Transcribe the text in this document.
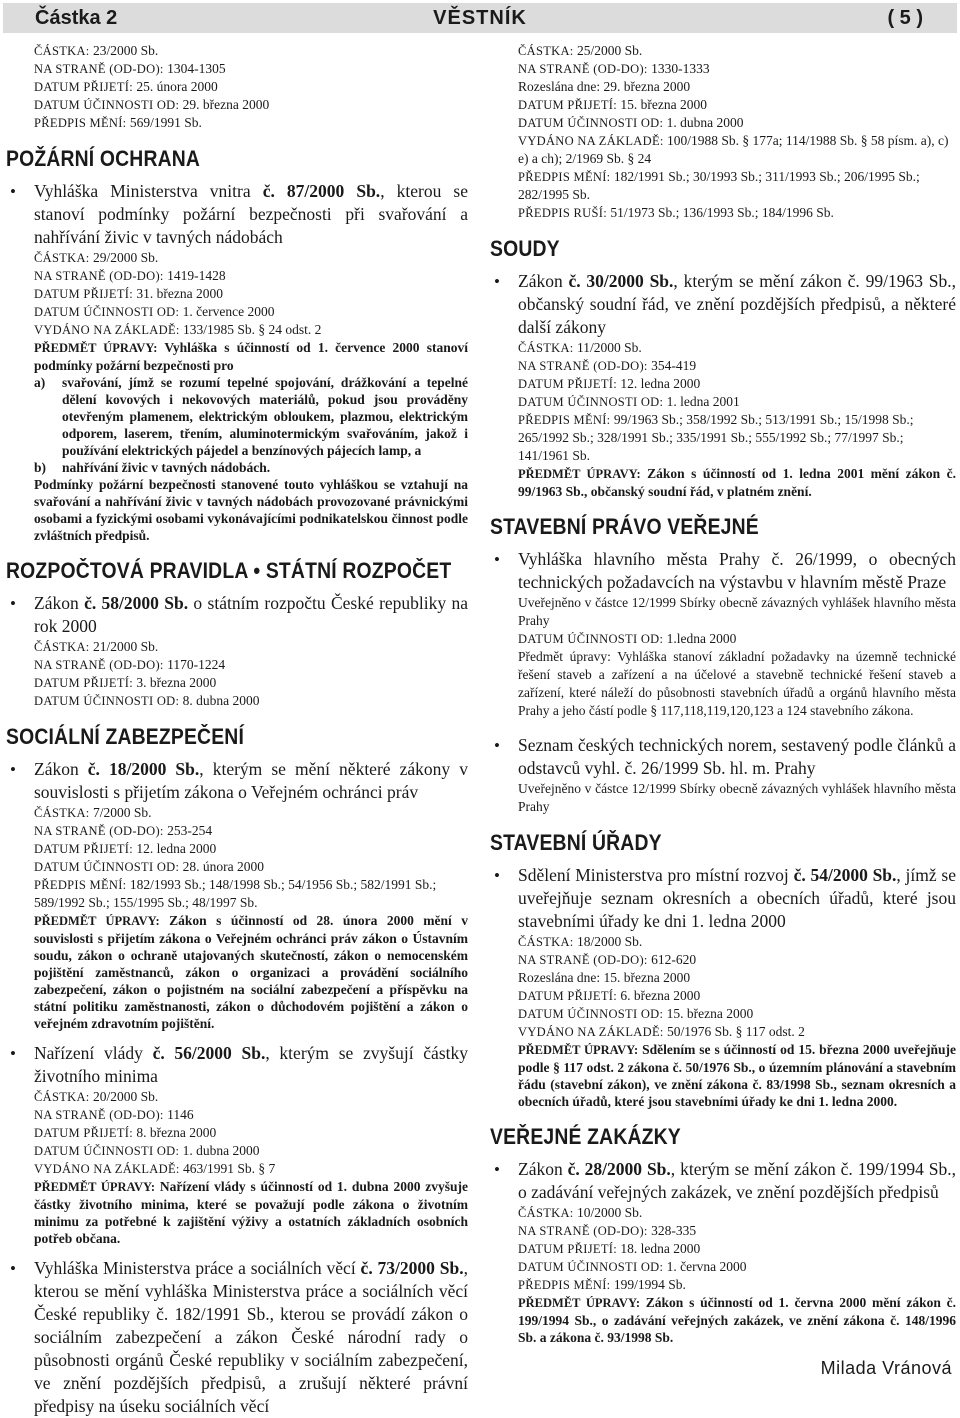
Částka 2	VĚSTNÍK	( 5 )
ČÁSTKA: 23/2000 Sb.
NA STRANĚ (OD-DO): 1304-1305
DATUM PŘIJETÍ: 25. února 2000
DATUM ÚČINNOSTI OD: 29. března 2000
PŘEDPIS MĚNÍ: 569/1991 Sb.
POŽÁRNÍ OCHRANA
• Vyhláška Ministerstva vnitra č. 87/2000 Sb., kterou se stanoví podmínky požární bezpečnosti při svařování a nahřívání živic v tavných nádobách
ČÁSTKA: 29/2000 Sb.
NA STRANĚ (OD-DO): 1419-1428
DATUM PŘIJETÍ: 31. března 2000
DATUM ÚČINNOSTI OD: 1. července 2000
VYDÁNO NA ZÁKLADĚ: 133/1985 Sb. § 24 odst. 2
PŘEDMĚT ÚPRAVY: Vyhláška s účinností od 1. července 2000 stanoví podmínky požární bezpečnosti pro
a)	svařování, jímž se rozumí tepelné spojování, drážkování a tepelné dělení kovových i nekovových materiálů, pokud jsou prováděny otevřeným plamenem, elektrickým obloukem, plazmou, elektrickým odporem, laserem, třením, aluminotermickým svařováním, jakož i používání elektrických pájedel a benzínových pájecích lamp, a
b)	nahřívání živic v tavných nádobách.
Podmínky požární bezpečnosti stanovené touto vyhláškou se vztahují na svařování a nahřívání živic v tavných nádobách provozované právnickými osobami a fyzickými osobami vykonávajícími podnikatelskou činnost podle zvláštních předpisů.
ROZPOČTOVÁ PRAVIDLA • STÁTNÍ ROZPOČET
• Zákon č. 58/2000 Sb. o státním rozpočtu České republiky na rok 2000
ČÁSTKA: 21/2000 Sb.
NA STRANĚ (OD-DO): 1170-1224
DATUM PŘIJETÍ: 3. března 2000
DATUM ÚČINNOSTI OD: 8. dubna 2000
SOCIÁLNÍ ZABEZPEČENÍ
• Zákon č. 18/2000 Sb., kterým se mění některé zákony v souvislosti s přijetím zákona o Veřejném ochránci práv
ČÁSTKA: 7/2000 Sb.
NA STRANĚ (OD-DO): 253-254
DATUM PŘIJETÍ: 12. ledna 2000
DATUM ÚČINNOSTI OD: 28. února 2000
PŘEDPIS MĚNÍ: 182/1993 Sb.; 148/1998 Sb.; 54/1956 Sb.; 582/1991 Sb.; 589/1992 Sb.; 155/1995 Sb.; 48/1997 Sb.
PŘEDMĚT ÚPRAVY: Zákon s účinností od 28. února 2000 mění v souvislosti s přijetím zákona o Veřejném ochránci práv zákon o Ústavním soudu, zákon o ochraně utajovaných skutečností, zákon o nemocenském pojištění zaměstnanců, zákon o organizaci a provádění sociálního zabezpečení, zákon o pojistném na sociální zabezpečení a příspěvku na státní politiku zaměstnanosti, zákon o důchodovém pojištění a zákon o veřejném zdravotním pojištění.
• Nařízení vlády č. 56/2000 Sb., kterým se zvyšují částky životního minima
ČÁSTKA: 20/2000 Sb.
NA STRANĚ (OD-DO): 1146
DATUM PŘIJETÍ: 8. března 2000
DATUM ÚČINNOSTI OD: 1. dubna 2000
VYDÁNO NA ZÁKLADĚ: 463/1991 Sb. § 7
PŘEDMĚT ÚPRAVY: Nařízení vlády s účinností od 1. dubna 2000 zvyšuje částky životního minima, které se považují podle zákona o životním minimu za potřebné k zajištění výživy a ostatních základních osobních potřeb občana.
• Vyhláška Ministerstva práce a sociálních věcí č. 73/2000 Sb., kterou se mění vyhláška Ministerstva práce a sociálních věcí České republiky č. 182/1991 Sb., kterou se provádí zákon o sociálním zabezpečení a zákon České národní rady o působnosti orgánů České republiky v sociálním zabezpečení, ve znění pozdějších předpisů, a zrušují některé právní předpisy na úseku sociálních věcí
ČÁSTKA: 25/2000 Sb.
NA STRANĚ (OD-DO): 1330-1333
Rozeslána dne: 29. března 2000
DATUM PŘIJETÍ: 15. března 2000
DATUM ÚČINNOSTI OD: 1. dubna 2000
VYDÁNO NA ZÁKLADĚ: 100/1988 Sb. § 177a; 114/1988 Sb. § 58 písm. a), c) e) a ch); 2/1969 Sb. § 24
PŘEDPIS MĚNÍ: 182/1991 Sb.; 30/1993 Sb.; 311/1993 Sb.; 206/1995 Sb.; 282/1995 Sb.
PŘEDPIS RUŠÍ: 51/1973 Sb.; 136/1993 Sb.; 184/1996 Sb.
SOUDY
• Zákon č. 30/2000 Sb., kterým se mění zákon č. 99/1963 Sb., občanský soudní řád, ve znění pozdějších předpisů, a některé další zákony
ČÁSTKA: 11/2000 Sb.
NA STRANĚ (OD-DO): 354-419
DATUM PŘIJETÍ: 12. ledna 2000
DATUM ÚČINNOSTI OD: 1. ledna 2001
PŘEDPIS MĚNÍ: 99/1963 Sb.; 358/1992 Sb.; 513/1991 Sb.; 15/1998 Sb.; 265/1992 Sb.; 328/1991 Sb.; 335/1991 Sb.; 555/1992 Sb.; 77/1997 Sb.; 141/1961 Sb.
PŘEDMĚT ÚPRAVY: Zákon s účinností od 1. ledna 2001 mění zákon č. 99/1963 Sb., občanský soudní řád, v platném znění.
STAVEBNÍ PRÁVO VEŘEJNÉ
• Vyhláška hlavního města Prahy č. 26/1999, o obecných technických požadavcích na výstavbu v hlavním městě Praze
Uveřejněno v částce 12/1999 Sbírky obecně závazných vyhlášek hlavního města Prahy
DATUM ÚČINNOSTI OD: 1.ledna 2000
Předmět úpravy: Vyhláška stanoví základní požadavky na územně technické řešení staveb a zařízení a na účelové a stavebně technické řešení staveb a zařízení, které náleží do působnosti stavebních úřadů a orgánů hlavního města Prahy a jeho částí podle § 117,118,119,120,123 a 124 stavebního zákona.
• Seznam českých technických norem, sestavený podle článků a odstavců vyhl. č. 26/1999 Sb. hl. m. Prahy
Uveřejněno v částce 12/1999 Sbírky obecně závazných vyhlášek hlavního města Prahy
STAVEBNÍ ÚŘADY
• Sdělení Ministerstva pro místní rozvoj č. 54/2000 Sb., jímž se uveřejňuje seznam okresních a obecních úřadů, které jsou stavebními úřady ke dni 1. ledna 2000
ČÁSTKA: 18/2000 Sb.
NA STRANĚ (OD-DO): 612-620
Rozeslána dne: 15. března 2000
DATUM PŘIJETÍ: 6. března 2000
DATUM ÚČINNOSTI OD: 15. března 2000
VYDÁNO NA ZÁKLADĚ: 50/1976 Sb. § 117 odst. 2
PŘEDMĚT ÚPRAVY: Sdělením se s účinností od 15. března 2000 uveřejňuje podle § 117 odst. 2 zákona č. 50/1976 Sb., o územním plánování a stavebním řádu (stavební zákon), ve znění zákona č. 83/1998 Sb., seznam okresních a obecních úřadů, které jsou stavebními úřady ke dni 1. ledna 2000.
VEŘEJNÉ ZAKÁZKY
• Zákon č. 28/2000 Sb., kterým se mění zákon č. 199/1994 Sb., o zadávání veřejných zakázek, ve znění pozdějších předpisů
ČÁSTKA: 10/2000 Sb.
NA STRANĚ (OD-DO): 328-335
DATUM PŘIJETÍ: 18. ledna 2000
DATUM ÚČINNOSTI OD: 1. června 2000
PŘEDPIS MĚNÍ: 199/1994 Sb.
PŘEDMĚT ÚPRAVY: Zákon s účinností od 1. června 2000 mění zákon č. 199/1994 Sb., o zadávání veřejných zakázek, ve znění zákona č. 148/1996 Sb. a zákona č. 93/1998 Sb.
Milada Vránová
